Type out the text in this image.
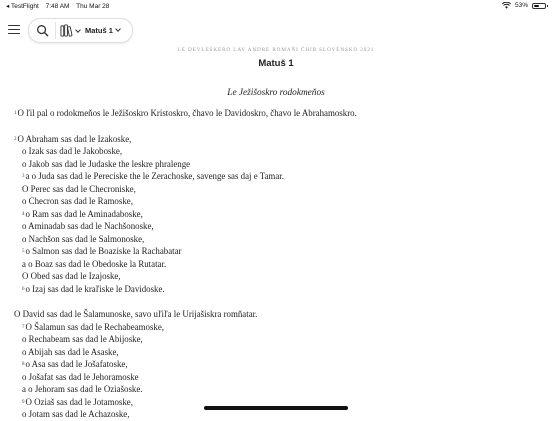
◂ TestFlight 7:48 AM Thu Mar 28	53%
Matuš 1
LE DEVLESKERO LAV ANDRE ROMAŇI ČHIB SLOVENSKO 2021
Matuš 1
Le Ježišoskro rodokmeňos
$^1$O ľil pal o rodokmeňos le Ježišoskro Kristoskro, čhavo le Davidoskro, čhavo le Abrahamoskro.
$^2$O Abraham sas dad le Izakoske,
o Izak sas dad le Jakoboske,
o Jakob sas dad le Judaske the leskre phralenge
$^3$a o Juda sas dad le Pereciske the le Zerachoske, savenge sas daj e Tamar.
O Perec sas dad le Checroniske,
o Checron sas dad le Ramoske,
$^4$o Ram sas dad le Aminadaboske,
o Aminadab sas dad le Nachšonoske,
o Nachšon sas dad le Salmonoske,
$^5$o Salmon sas dad le Boaziske la Rachabatar
a o Boaz sas dad le Obedoske la Rutatar.
O Obed sas dad le Izajoske,
$^6$o Izaj sas dad le kraľiske le Davidoske.
O David sas dad le Šalamunoske, savo uľiľa le Urijašiskra romňatar.
$^7$O Šalamun sas dad le Rechabeamoske,
o Rechabeam sas dad le Abijoske,
o Abijah sas dad le Asaske,
$^8$o Asa sas dad le Jošafatoske,
o Jošafat sas dad le Jehoramoske
a o Jehoram sas dad le Oziašoske.
$^9$O Oziaš sas dad le Jotamoske,
o Jotam sas dad le Achazoske,
